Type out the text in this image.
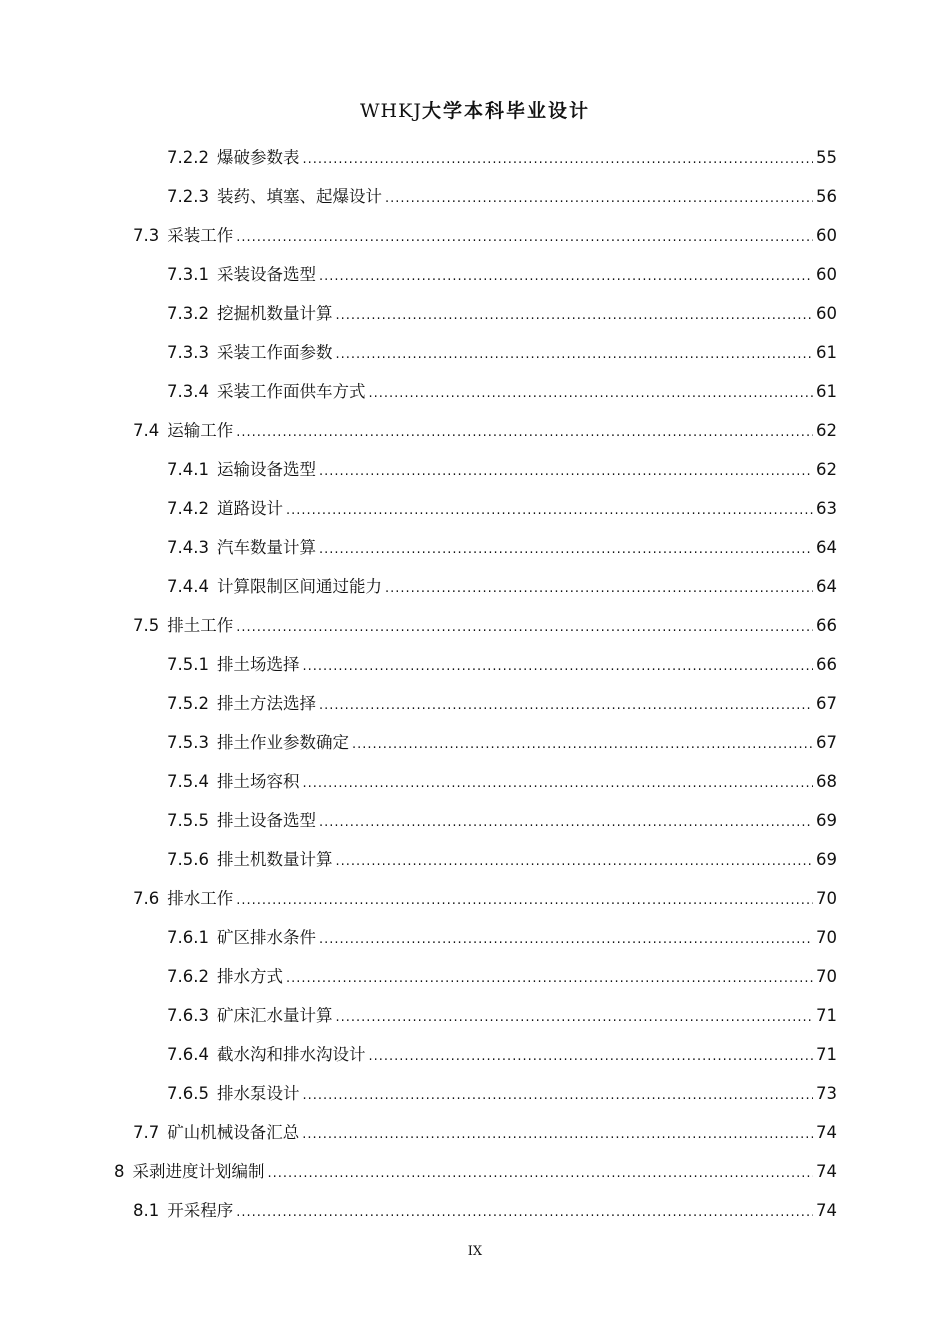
WHKJ大学本科毕业设计
7.2.2 爆破参数表 .....	55
7.2.3 装药、填塞、起爆设计 .....	56
7.3 采装工作 .....	60
7.3.1 采装设备选型 .....	60
7.3.2 挖掘机数量计算 .....	60
7.3.3 采装工作面参数 .....	61
7.3.4 采装工作面供车方式 .....	61
7.4 运输工作 .....	62
7.4.1 运输设备选型 .....	62
7.4.2 道路设计 .....	63
7.4.3 汽车数量计算 .....	64
7.4.4 计算限制区间通过能力 .....	64
7.5 排土工作 .....	66
7.5.1 排土场选择 .....	66
7.5.2 排土方法选择 .....	67
7.5.3 排土作业参数确定 .....	67
7.5.4 排土场容积 .....	68
7.5.5 排土设备选型 .....	69
7.5.6 排土机数量计算 .....	69
7.6 排水工作 .....	70
7.6.1 矿区排水条件 .....	70
7.6.2 排水方式 .....	70
7.6.3 矿床汇水量计算 .....	71
7.6.4 截水沟和排水沟设计 .....	71
7.6.5 排水泵设计 .....	73
7.7 矿山机械设备汇总 .....	74
8 采剥进度计划编制 .....	74
8.1 开采程序 .....	74
IX
